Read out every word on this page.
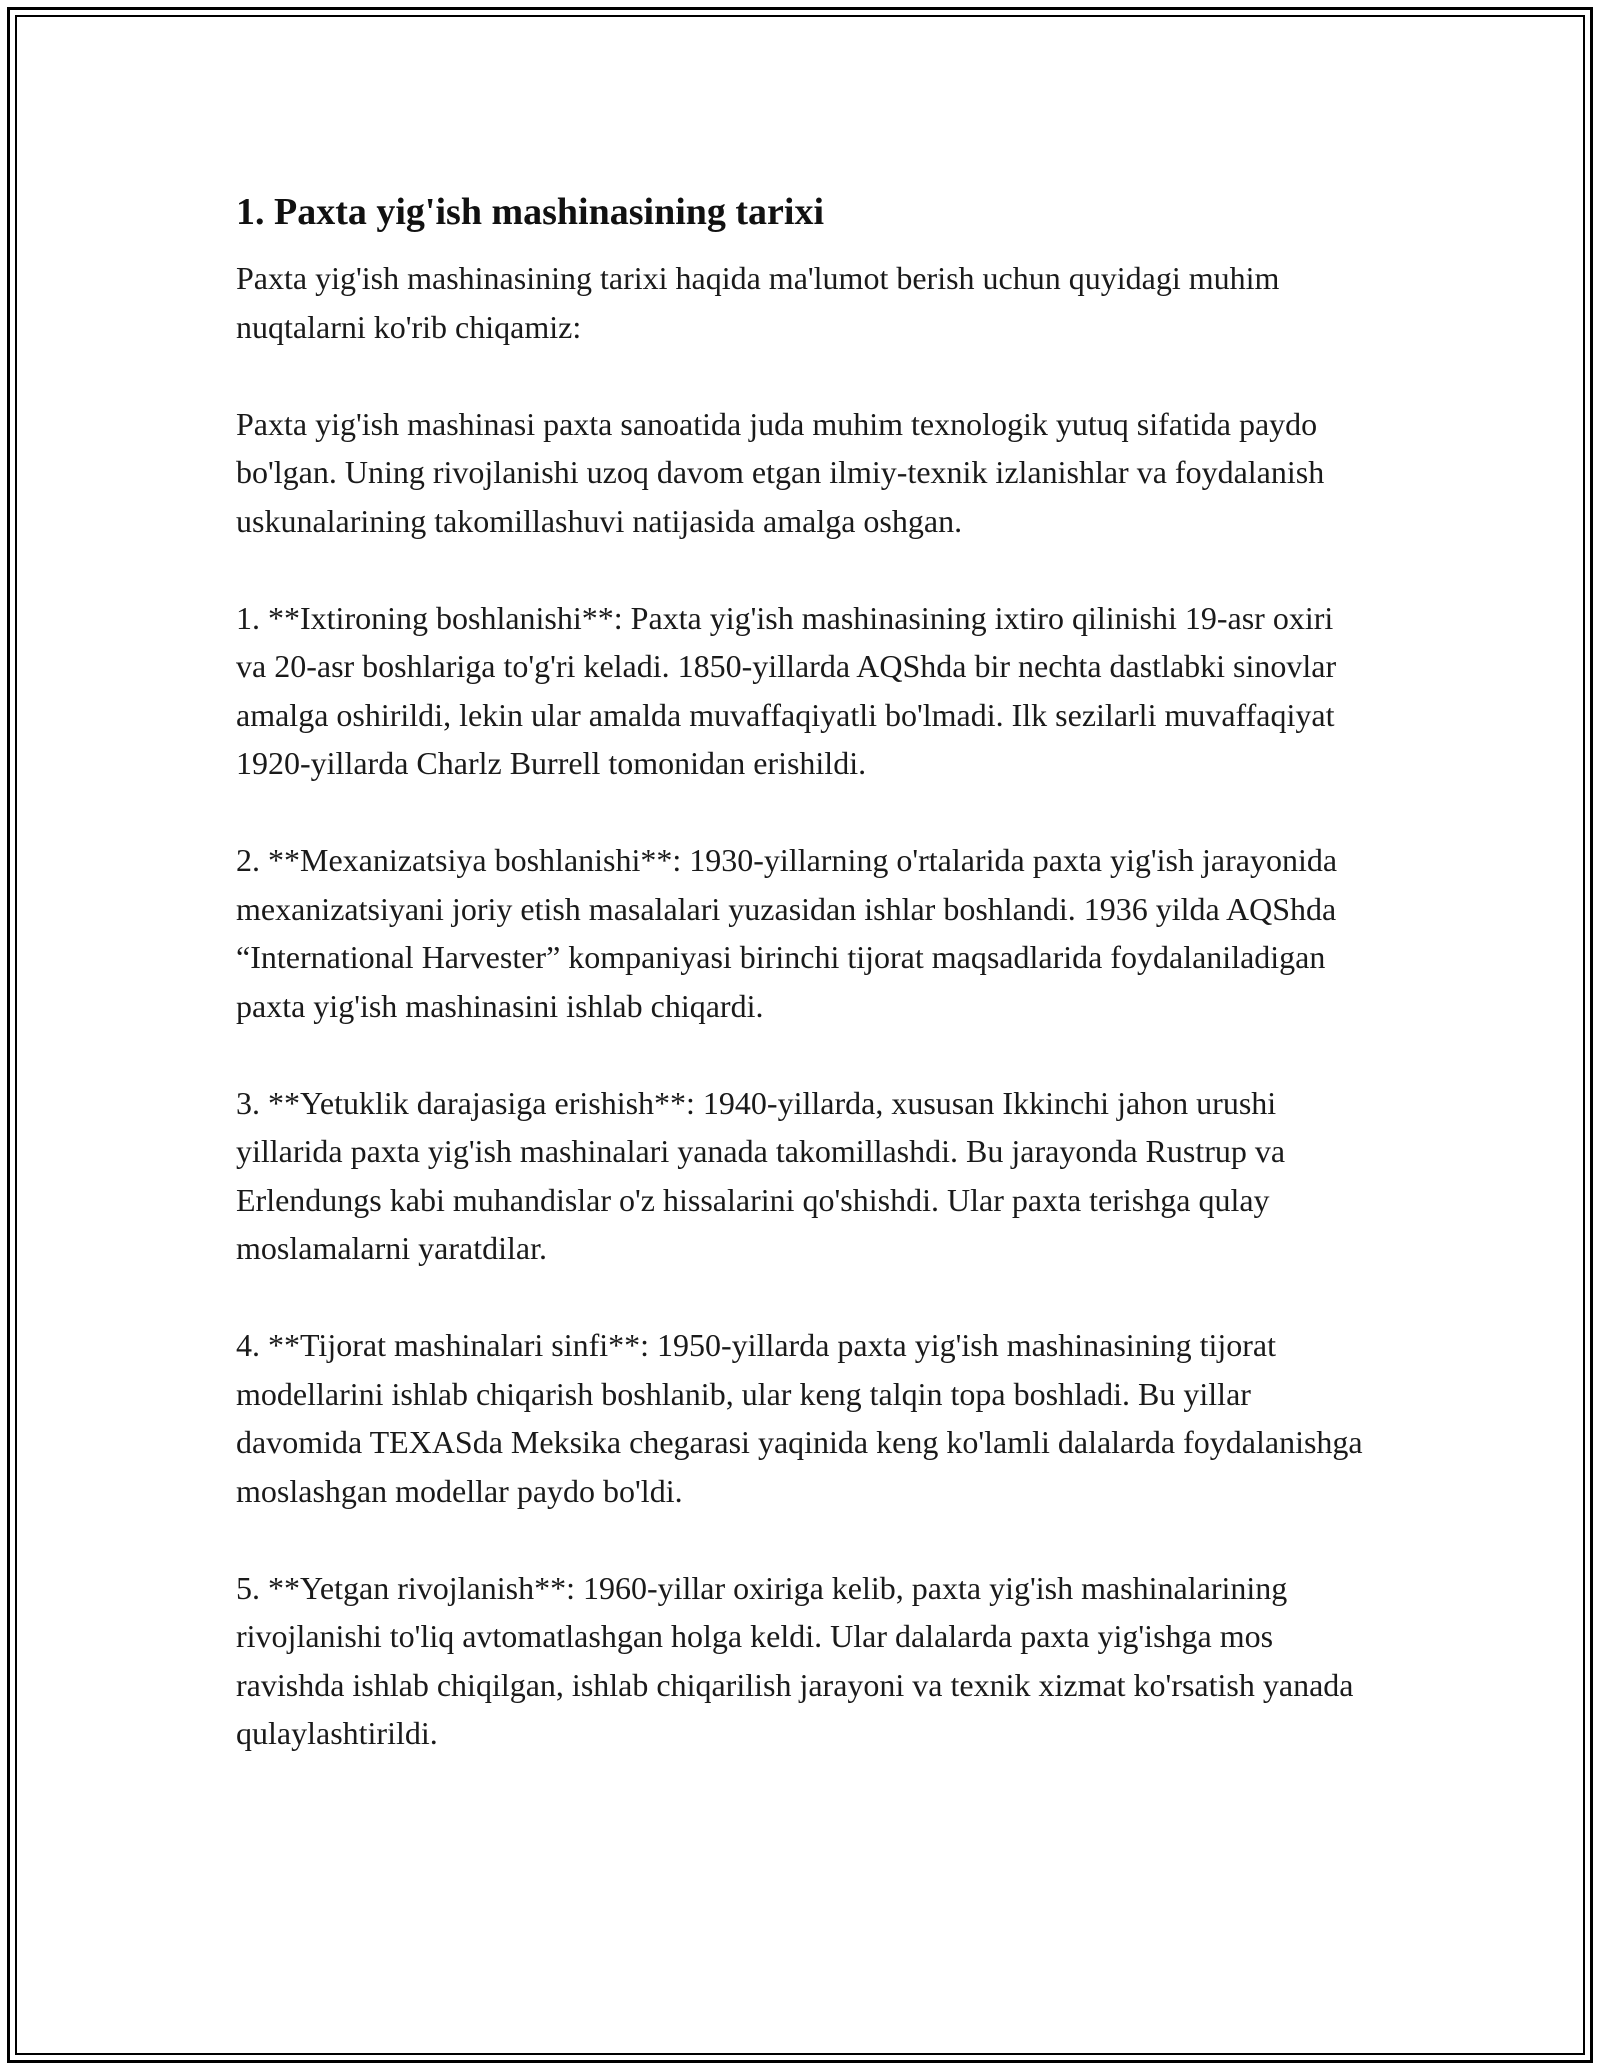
1. Paxta yig'ish mashinasining tarixi

Paxta yig'ish mashinasining tarixi haqida ma'lumot berish uchun quyidagi muhim nuqtalarni ko'rib chiqamiz:

Paxta yig'ish mashinasi paxta sanoatida juda muhim texnologik yutuq sifatida paydo bo'lgan. Uning rivojlanishi uzoq davom etgan ilmiy-texnik izlanishlar va foydalanish uskunalarining takomillashuvi natijasida amalga oshgan.

1. **Ixtironing boshlanishi**: Paxta yig'ish mashinasining ixtiro qilinishi 19-asr oxiri va 20-asr boshlariga to'g'ri keladi. 1850-yillarda AQShda bir nechta dastlabki sinovlar amalga oshirildi, lekin ular amalda muvaffaqiyatli bo'lmadi. Ilk sezilarli muvaffaqiyat 1920-yillarda Charlz Burrell tomonidan erishildi.

2. **Mexanizatsiya boshlanishi**: 1930-yillarning o'rtalarida paxta yig'ish jarayonida mexanizatsiyani joriy etish masalalari yuzasidan ishlar boshlandi. 1936 yilda AQShda “International Harvester” kompaniyasi birinchi tijorat maqsadlarida foydalaniladigan paxta yig'ish mashinasini ishlab chiqardi.

3. **Yetuklik darajasiga erishish**: 1940-yillarda, xususan Ikkinchi jahon urushi yillarida paxta yig'ish mashinalari yanada takomillashdi. Bu jarayonda Rustrup va Erlendungs kabi muhandislar o'z hissalarini qo'shishdi. Ular paxta terishga qulay moslamalarni yaratdilar.

4. **Tijorat mashinalari sinfi**: 1950-yillarda paxta yig'ish mashinasining tijorat modellarini ishlab chiqarish boshlanib, ular keng talqin topa boshladi. Bu yillar davomida TEXASda Meksika chegarasi yaqinida keng ko'lamli dalalarda foydalanishga moslashgan modellar paydo bo'ldi.

5. **Yetgan rivojlanish**: 1960-yillar oxiriga kelib, paxta yig'ish mashinalarining rivojlanishi to'liq avtomatlashgan holga keldi. Ular dalalarda paxta yig'ishga mos ravishda ishlab chiqilgan, ishlab chiqarilish jarayoni va texnik xizmat ko'rsatish yanada qulaylashtirildi.
